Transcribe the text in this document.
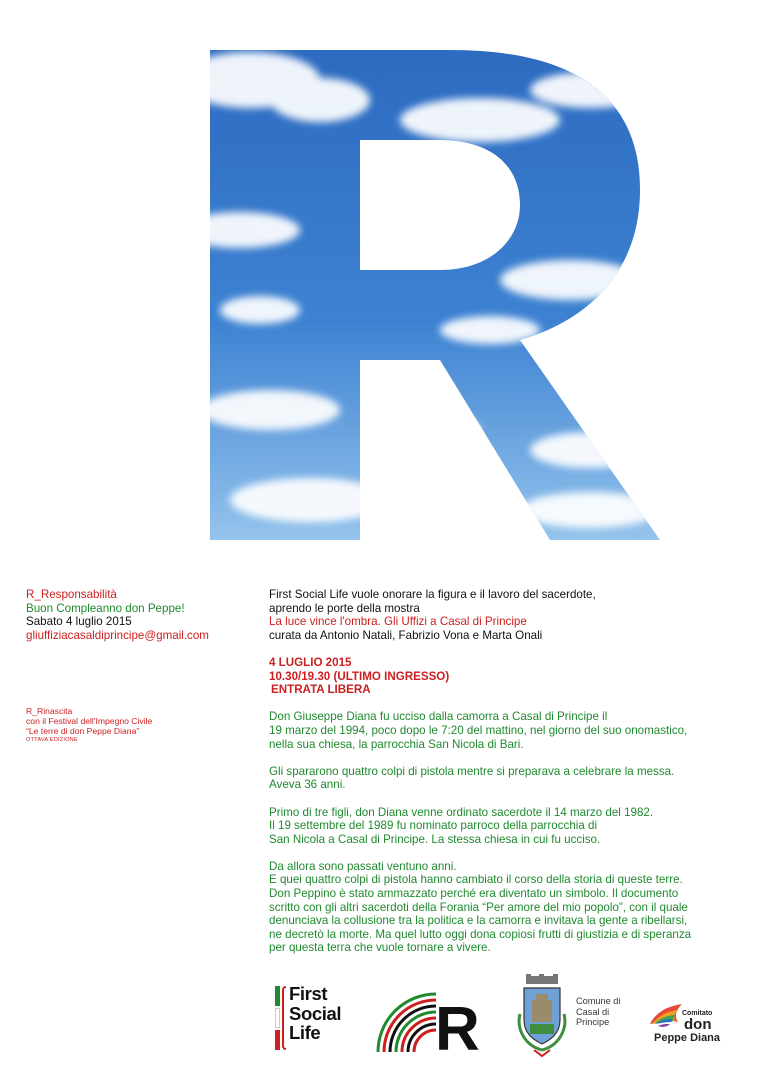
R_Responsabilità
Buon Compleanno don Peppe!
Sabato 4 luglio 2015
gliuffiziacasaldiprincipe@gmail.com
R_Rinascita
con il Festival dell'Impegno Civile
“Le terre di don Peppe Diana”
OTTAVA EDIZIONE
First Social Life vuole onorare la figura e il lavoro del sacerdote,
aprendo le porte della mostra
La luce vince l'ombra. Gli Uffizi a Casal di Principe
curata da Antonio Natali, Fabrizio Vona e Marta Onali
4 LUGLIO 2015
10.30/19.30 (ULTIMO INGRESSO)
ENTRATA LIBERA
Don Giuseppe Diana fu ucciso dalla camorra a Casal di Principe il
19 marzo del 1994, poco dopo le 7:20 del mattino, nel giorno del suo onomastico,
nella sua chiesa, la parrocchia San Nicola di Bari.
Gli spararono quattro colpi di pistola mentre si preparava a celebrare la messa.
Aveva 36 anni.
Primo di tre figli, don Diana venne ordinato sacerdote il 14 marzo del 1982.
Il 19 settembre del 1989 fu nominato parroco della parrocchia di
San Nicola a Casal di Principe. La stessa chiesa in cui fu ucciso.
Da allora sono passati ventuno anni.
E quei quattro colpi di pistola hanno cambiato il corso della storia di queste terre.
Don Peppino è stato ammazzato perché era diventato un simbolo. Il documento
scritto con gli altri sacerdoti della Forania “Per amore del mio popolo”, con il quale
denunciava la collusione tra la politica e la camorra e invitava la gente a ribellarsi,
ne decretò la morte. Ma quel lutto oggi dona copiosi frutti di giustizia e di speranza
per questa terra che vuole tornare a vivere.
First
Social
Life	R	Comune di
Casal di
Principe
Comitato
don
Peppe Diana
